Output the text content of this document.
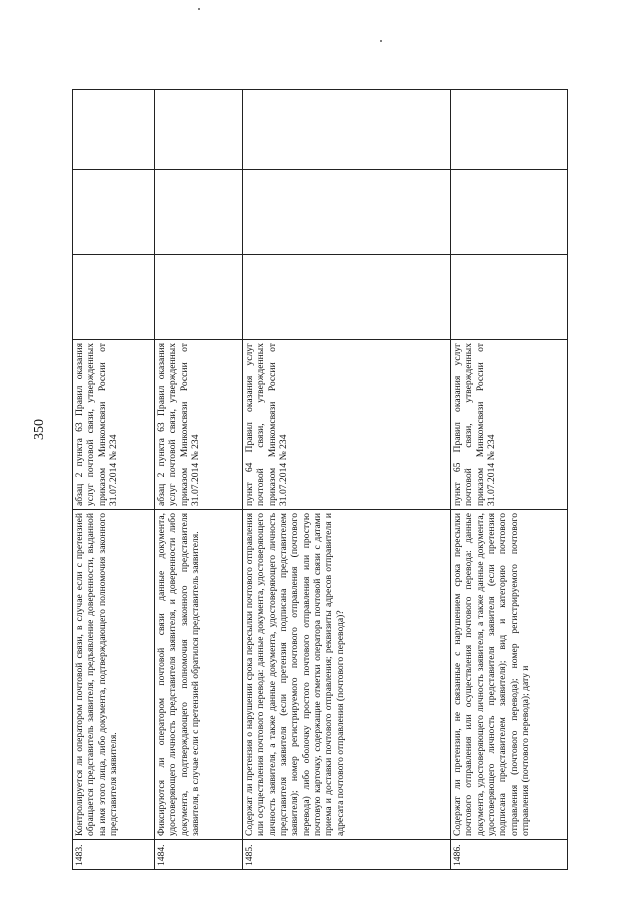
350
1483.	Контролируется ли оператором почтовой связи, в случае если с претензией обращается представитель заявителя, предъявление доверенности, выданной на имя этого лица, либо документа, подтверждающего полномочия законного представителя заявителя.	абзац 2 пункта 63 Правил оказания услуг почтовой связи, утвержденных приказом Минкомсвязи России от 31.07.2014 № 234			
1484.	Фиксируются ли оператором почтовой связи данные документа, удостоверяющего личность представителя заявителя, и доверенности либо документа, подтверждающего полномочия законного представителя заявителя, в случае если с претензией обратился представитель заявителя.	абзац 2 пункта 63 Правил оказания услуг почтовой связи, утвержденных приказом Минкомсвязи России от 31.07.2014 № 234			
1485.	Содержат ли претензия о нарушении срока пересылки почтового отправления или осуществления почтового перевода: данные документа, удостоверяющего личность заявителя, а также данные документа, удостоверяющего личность представителя заявителя (если претензия подписана представителем заявителя); номер регистрируемого почтового отправления (почтового перевода) либо оболочку простого почтового отправления или простую почтовую карточку, содержащие отметки оператора почтовой связи с датами приема и доставки почтового отправления; реквизиты адресов отправителя и адресата почтового отправления (почтового перевода)?	пункт 64 Правил оказания услуг почтовой связи, утвержденных приказом Минкомсвязи России от 31.07.2014 № 234			
1486.	Содержат ли претензии, не связанные с нарушением срока пересылки почтового отправления или осуществления почтового перевода: данные документа, удостоверяющего личность заявителя, а также данные документа, удостоверяющего личность представителя заявителя (если претензия подписана представителем заявителя); вид и категорию почтового отправления (почтового перевода); номер регистрируемого почтового отправления (почтового перевода); дату и	пункт 65 Правил оказания услуг почтовой связи, утвержденных приказом Минкомсвязи России от 31.07.2014 № 234			
